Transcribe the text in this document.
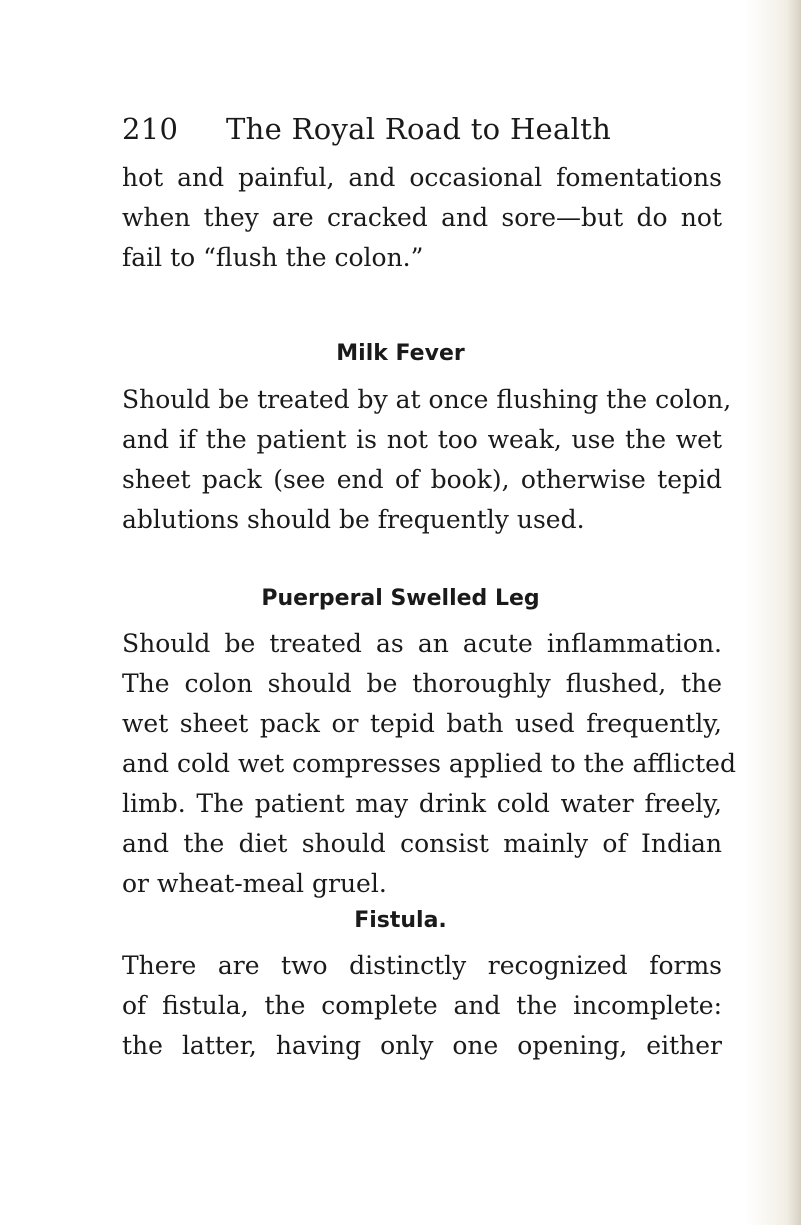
210 The Royal Road to Health
hot and painful, and occasional fomentations
when they are cracked and sore—but do not
fail to “flush the colon.”
Milk Fever
Should be treated by at once flushing the colon,
and if the patient is not too weak, use the wet
sheet pack (see end of book), otherwise tepid
ablutions should be frequently used.
Puerperal Swelled Leg
Should be treated as an acute inflammation.
The colon should be thoroughly flushed, the
wet sheet pack or tepid bath used frequently,
and cold wet compresses applied to the afflicted
limb. The patient may drink cold water freely,
and the diet should consist mainly of Indian
or wheat-meal gruel.
Fistula.
There are two distinctly recognized forms
of fistula, the complete and the incomplete:
the latter, having only one opening, either
